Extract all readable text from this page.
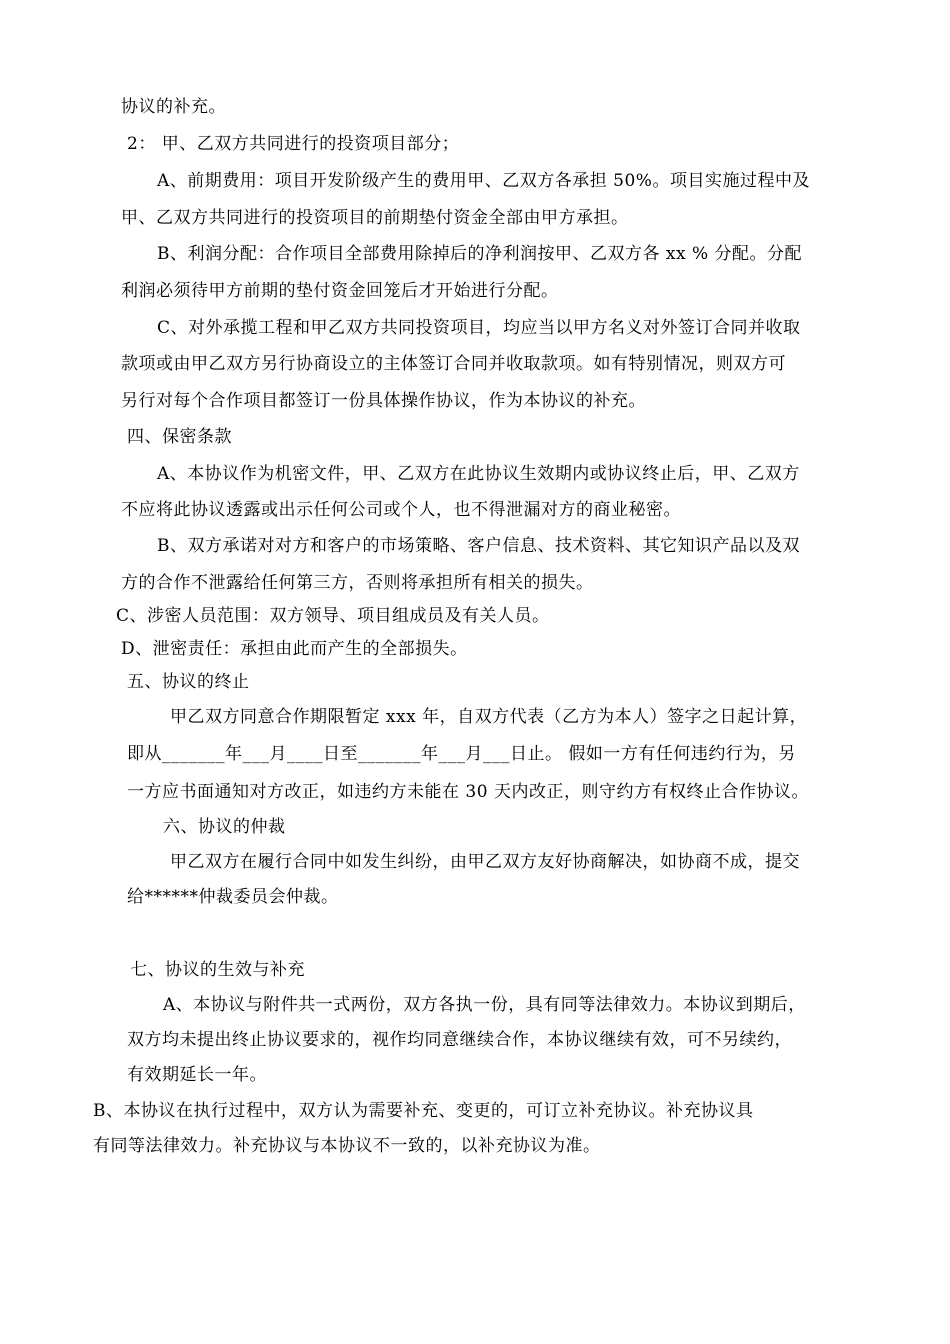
协议的补充。
2： 甲、乙双方共同进行的投资项目部分；
A、前期费用：项目开发阶级产生的费用甲、乙双方各承担 50%。项目实施过程中及
甲、乙双方共同进行的投资项目的前期垫付资金全部由甲方承担。
B、利润分配：合作项目全部费用除掉后的净利润按甲、乙双方各 xx % 分配。分配
利润必须待甲方前期的垫付资金回笼后才开始进行分配。
C、对外承揽工程和甲乙双方共同投资项目，均应当以甲方名义对外签订合同并收取
款项或由甲乙双方另行协商设立的主体签订合同并收取款项。如有特别情况，则双方可
另行对每个合作项目都签订一份具体操作协议，作为本协议的补充。
四、保密条款
A、本协议作为机密文件，甲、乙双方在此协议生效期内或协议终止后，甲、乙双方
不应将此协议透露或出示任何公司或个人，也不得泄漏对方的商业秘密。
B、双方承诺对对方和客户的市场策略、客户信息、技术资料、其它知识产品以及双
方的合作不泄露给任何第三方，否则将承担所有相关的损失。
C、涉密人员范围：双方领导、项目组成员及有关人员。
D、泄密责任：承担由此而产生的全部损失。
五、协议的终止
甲乙双方同意合作期限暂定 xxx 年，自双方代表（乙方为本人）签字之日起计算，
即从_______年___月____日至_______年___月___日止。 假如一方有任何违约行为，另
一方应书面通知对方改正，如违约方未能在 30 天内改正，则守约方有权终止合作协议。
六、协议的仲裁
甲乙双方在履行合同中如发生纠纷，由甲乙双方友好协商解决，如协商不成，提交
给******仲裁委员会仲裁。
七、协议的生效与补充
A、本协议与附件共一式两份，双方各执一份，具有同等法律效力。本协议到期后，
双方均未提出终止协议要求的，视作均同意继续合作，本协议继续有效，可不另续约，
有效期延长一年。
B、本协议在执行过程中，双方认为需要补充、变更的，可订立补充协议。补充协议具
有同等法律效力。补充协议与本协议不一致的，以补充协议为准。
